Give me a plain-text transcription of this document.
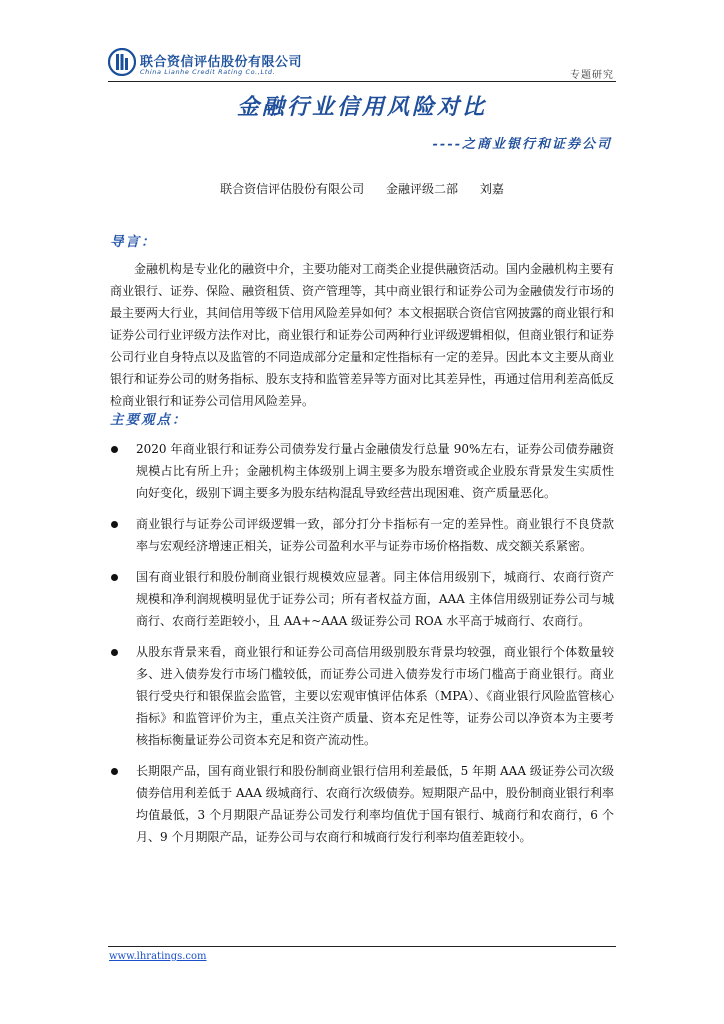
联合资信评估股份有限公司
China Lianhe Credit Rating Co.,Ltd.	专题研究
金融行业信用风险对比
----之商业银行和证券公司
联合资信评估股份有限公司 金融评级二部 刘嘉
导言：

金融机构是专业化的融资中介，主要功能对工商类企业提供融资活动。国内金融机构主要有商业银行、证券、保险、融资租赁、资产管理等，其中商业银行和证券公司为金融债发行市场的最主要两大行业，其间信用等级下信用风险差异如何？本文根据联合资信官网披露的商业银行和证券公司行业评级方法作对比，商业银行和证券公司两种行业评级逻辑相似，但商业银行和证券公司行业自身特点以及监管的不同造成部分定量和定性指标有一定的差异。因此本文主要从商业银行和证券公司的财务指标、股东支持和监管差异等方面对比其差异性，再通过信用利差高低反检商业银行和证券公司信用风险差异。

主要观点：
2020 年商业银行和证券公司债券发行量占金融债发行总量 90%左右，证券公司债券融资规模占比有所上升；金融机构主体级别上调主要多为股东增资或企业股东背景发生实质性向好变化，级别下调主要多为股东结构混乱导致经营出现困难、资产质量恶化。
商业银行与证券公司评级逻辑一致，部分打分卡指标有一定的差异性。商业银行不良贷款率与宏观经济增速正相关，证券公司盈利水平与证券市场价格指数、成交额关系紧密。
国有商业银行和股份制商业银行规模效应显著。同主体信用级别下，城商行、农商行资产规模和净利润规模明显优于证券公司；所有者权益方面，AAA 主体信用级别证券公司与城商行、农商行差距较小，且 AA+~AAA 级证券公司 ROA 水平高于城商行、农商行。
从股东背景来看，商业银行和证券公司高信用级别股东背景均较强，商业银行个体数量较多、进入债券发行市场门槛较低，而证券公司进入债券发行市场门槛高于商业银行。商业银行受央行和银保监会监管，主要以宏观审慎评估体系（MPA）、《商业银行风险监管核心指标》和监管评价为主，重点关注资产质量、资本充足性等，证券公司以净资本为主要考核指标衡量证券公司资本充足和资产流动性。
长期限产品，国有商业银行和股份制商业银行信用利差最低，5 年期 AAA 级证券公司次级债券信用利差低于 AAA 级城商行、农商行次级债券。短期限产品中，股份制商业银行利率均值最低，3 个月期限产品证券公司发行利率均值优于国有银行、城商行和农商行，6 个月、9 个月期限产品，证券公司与农商行和城商行发行利率均值差距较小。
www.lhratings.com
